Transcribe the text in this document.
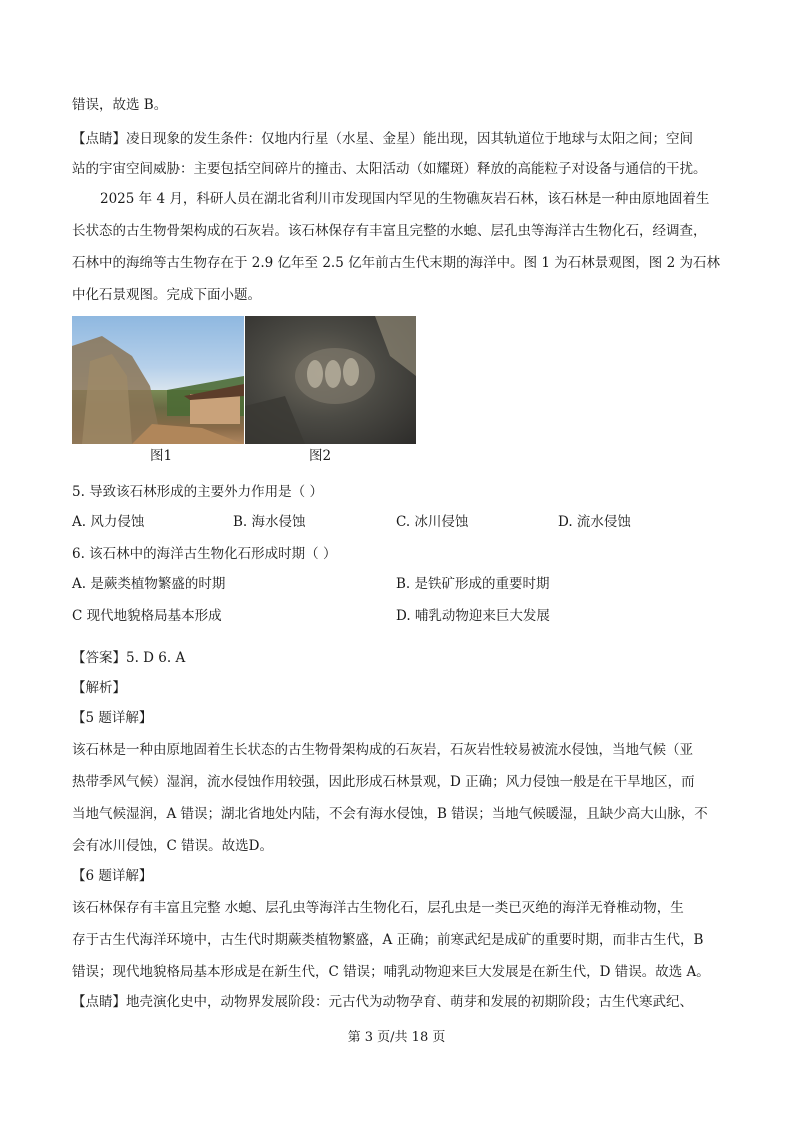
错误，故选 B。
【点睛】凌日现象的发生条件：仅地内行星（水星、金星）能出现，因其轨道位于地球与太阳之间；空间
站的宇宙空间威胁：主要包括空间碎片的撞击、太阳活动（如耀斑）释放的高能粒子对设备与通信的干扰。
2025 年 4 月，科研人员在湖北省利川市发现国内罕见的生物礁灰岩石林，该石林是一种由原地固着生
长状态的古生物骨架构成的石灰岩。该石林保存有丰富且完整的水螅、层孔虫等海洋古生物化石，经调查，
石林中的海绵等古生物存在于 2.9 亿年至 2.5 亿年前古生代末期的海洋中。图 1 为石林景观图，图 2 为石林
中化石景观图。完成下面小题。
图1	图2
5. 导致该石林形成的主要外力作用是（ ）
A. 风力侵蚀	B. 海水侵蚀	C. 冰川侵蚀	D. 流水侵蚀
6. 该石林中的海洋古生物化石形成时期（ ）
A. 是蕨类植物繁盛的时期	B. 是铁矿形成的重要时期
C 现代地貌格局基本形成	D. 哺乳动物迎来巨大发展
【答案】5. D 6. A
【解析】
【5 题详解】
该石林是一种由原地固着生长状态的古生物骨架构成的石灰岩，石灰岩性较易被流水侵蚀，当地气候（亚
热带季风气候）湿润，流水侵蚀作用较强，因此形成石林景观，D 正确；风力侵蚀一般是在干旱地区，而
当地气候湿润，A 错误；湖北省地处内陆，不会有海水侵蚀，B 错误；当地气候暖湿，且缺少高大山脉，不
会有冰川侵蚀，C 错误。故选D。
【6 题详解】
该石林保存有丰富且完整 水螅、层孔虫等海洋古生物化石，层孔虫是一类已灭绝的海洋无脊椎动物，生
存于古生代海洋环境中，古生代时期蕨类植物繁盛，A 正确；前寒武纪是成矿的重要时期，而非古生代，B
错误；现代地貌格局基本形成是在新生代，C 错误；哺乳动物迎来巨大发展是在新生代，D 错误。故选 A。
【点睛】地壳演化史中，动物界发展阶段：元古代为动物孕育、萌芽和发展的初期阶段；古生代寒武纪、
第 3 页/共 18 页
